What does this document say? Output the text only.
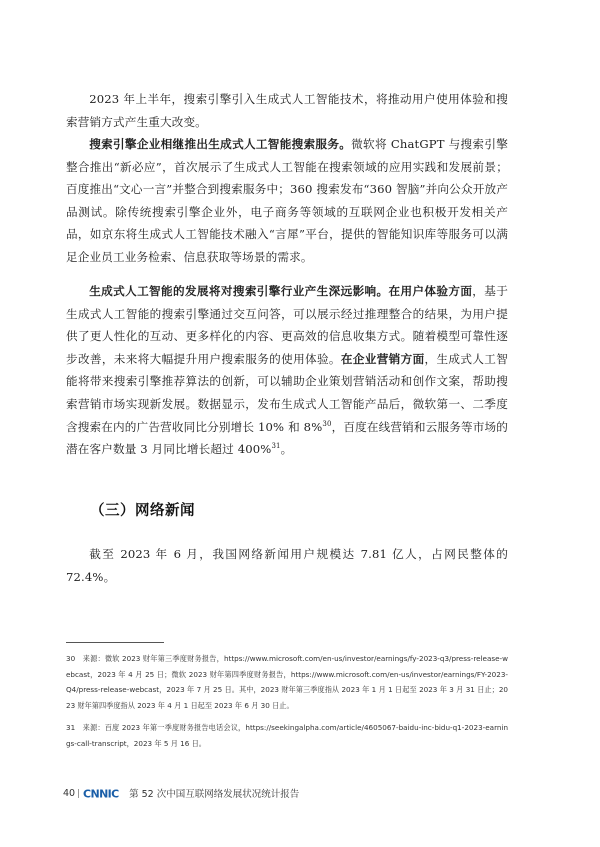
2023 年上半年，搜索引擎引入生成式人工智能技术，将推动用户使用体验和搜索营销方式产生重大改变。

搜索引擎企业相继推出生成式人工智能搜索服务。微软将 ChatGPT 与搜索引擎整合推出“新必应”，首次展示了生成式人工智能在搜索领域的应用实践和发展前景；百度推出“文心一言”并整合到搜索服务中；360 搜索发布“360 智脑”并向公众开放产品测试。除传统搜索引擎企业外，电子商务等领域的互联网企业也积极开发相关产品，如京东将生成式人工智能技术融入“言犀”平台，提供的智能知识库等服务可以满足企业员工业务检索、信息获取等场景的需求。

生成式人工智能的发展将对搜索引擎行业产生深远影响。在用户体验方面，基于生成式人工智能的搜索引擎通过交互问答，可以展示经过推理整合的结果，为用户提供了更人性化的互动、更多样化的内容、更高效的信息收集方式。随着模型可靠性逐步改善，未来将大幅提升用户搜索服务的使用体验。在企业营销方面，生成式人工智能将带来搜索引擎推荐算法的创新，可以辅助企业策划营销活动和创作文案，帮助搜索营销市场实现新发展。数据显示，发布生成式人工智能产品后，微软第一、二季度含搜索在内的广告营收同比分别增长 10% 和 8%$^{30}$，百度在线营销和云服务等市场的潜在客户数量 3 月同比增长超过 400%$^{31}$。

（三）网络新闻

截至 2023 年 6 月，我国网络新闻用户规模达 7.81 亿人，占网民整体的 72.4%。

30　来源：微软 2023 财年第三季度财务报告，https://www.microsoft.com/en-us/investor/earnings/fy-2023-q3/press-release-webcast，2023 年 4 月 25 日；微软 2023 财年第四季度财务报告，https://www.microsoft.com/en-us/investor/earnings/FY-2023-Q4/press-release-webcast，2023 年 7 月 25 日。其中，2023 财年第三季度指从 2023 年 1 月 1 日起至 2023 年 3 月 31 日止；2023 财年第四季度指从 2023 年 4 月 1 日起至 2023 年 6 月 30 日止。

31　来源：百度 2023 年第一季度财务报告电话会议，https://seekingalpha.com/article/4605067-baidu-inc-bidu-q1-2023-earnings-call-transcript，2023 年 5 月 16 日。

40 CNNIC 第 52 次中国互联网络发展状况统计报告
